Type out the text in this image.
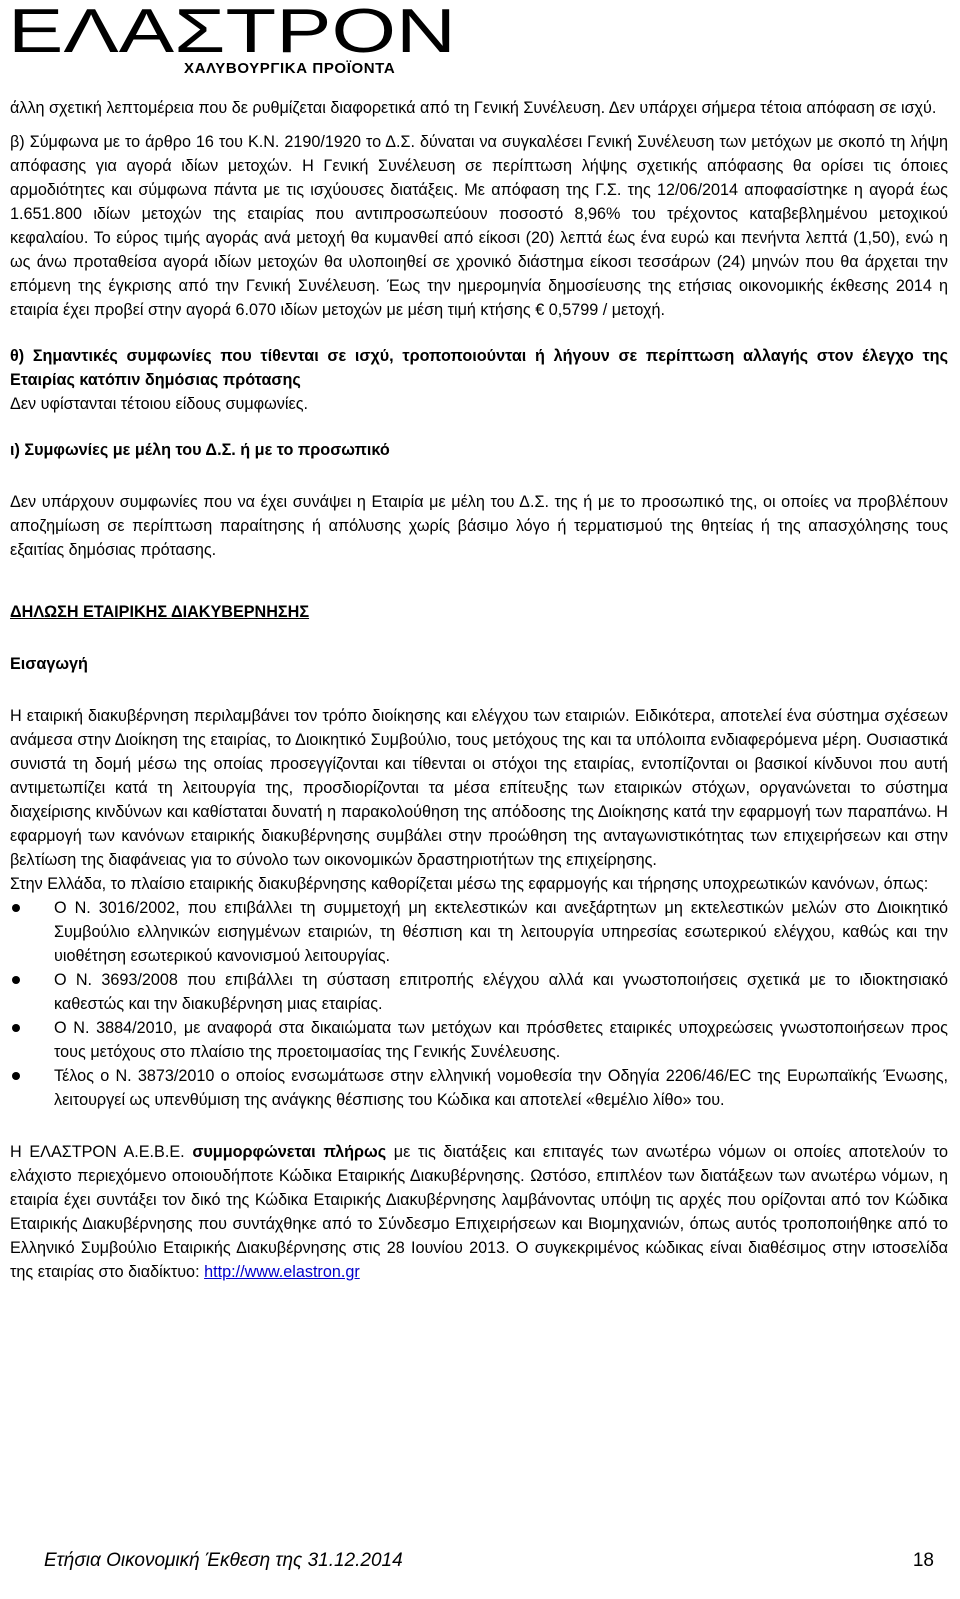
ΕΛΑΣΤΡΟΝ
ΧΑΛΥΒΟΥΡΓΙΚΑ ΠΡΟΪΟΝΤΑ

άλλη σχετική λεπτομέρεια που δε ρυθμίζεται διαφορετικά από τη Γενική Συνέλευση. Δεν υπάρχει σήμερα τέτοια απόφαση σε ισχύ.

β) Σύμφωνα με το άρθρο 16 του Κ.Ν. 2190/1920 το Δ.Σ. δύναται να συγκαλέσει Γενική Συνέλευση των μετόχων με σκοπό τη λήψη απόφασης για αγορά ιδίων μετοχών. Η Γενική Συνέλευση σε περίπτωση λήψης σχετικής απόφασης θα ορίσει τις όποιες αρμοδιότητες και σύμφωνα πάντα με τις ισχύουσες διατάξεις. Με απόφαση της Γ.Σ. της 12/06/2014 αποφασίστηκε η αγορά έως 1.651.800 ιδίων μετοχών της εταιρίας που αντιπροσωπεύουν ποσοστό 8,96% του τρέχοντος καταβεβλημένου μετοχικού κεφαλαίου. Το εύρος τιμής αγοράς ανά μετοχή θα κυμανθεί από είκοσι (20) λεπτά έως ένα ευρώ και πενήντα λεπτά (1,50), ενώ η ως άνω προταθείσα αγορά ιδίων μετοχών θα υλοποιηθεί σε χρονικό διάστημα είκοσι τεσσάρων (24) μηνών που θα άρχεται την επόμενη της έγκρισης από την Γενική Συνέλευση. Έως την ημερομηνία δημοσίευσης της ετήσιας οικονομικής έκθεσης 2014 η εταιρία έχει προβεί στην αγορά 6.070 ιδίων μετοχών με μέση τιμή κτήσης € 0,5799 / μετοχή.

θ) Σημαντικές συμφωνίες που τίθενται σε ισχύ, τροποποιούνται ή λήγουν σε περίπτωση αλλαγής στον έλεγχο της Εταιρίας κατόπιν δημόσιας πρότασης

Δεν υφίστανται τέτοιου είδους συμφωνίες.

ι) Συμφωνίες με μέλη του Δ.Σ. ή με το προσωπικό

Δεν υπάρχουν συμφωνίες που να έχει συνάψει η Εταιρία με μέλη του Δ.Σ. της ή με το προσωπικό της, οι οποίες να προβλέπουν αποζημίωση σε περίπτωση παραίτησης ή απόλυσης χωρίς βάσιμο λόγο ή τερματισμού της θητείας ή της απασχόλησης τους εξαιτίας δημόσιας πρότασης.

ΔΗΛΩΣΗ ΕΤΑΙΡΙΚΗΣ ΔΙΑΚΥΒΕΡΝΗΣΗΣ

Εισαγωγή

Η εταιρική διακυβέρνηση περιλαμβάνει τον τρόπο διοίκησης και ελέγχου των εταιριών. Ειδικότερα, αποτελεί ένα σύστημα σχέσεων ανάμεσα στην Διοίκηση της εταιρίας, το Διοικητικό Συμβούλιο, τους μετόχους της και τα υπόλοιπα ενδιαφερόμενα μέρη. Ουσιαστικά συνιστά τη δομή μέσω της οποίας προσεγγίζονται και τίθενται οι στόχοι της εταιρίας, εντοπίζονται οι βασικοί κίνδυνοι που αυτή αντιμετωπίζει κατά τη λειτουργία της, προσδιορίζονται τα μέσα επίτευξης των εταιρικών στόχων, οργανώνεται το σύστημα διαχείρισης κινδύνων και καθίσταται δυνατή η παρακολούθηση της απόδοσης της Διοίκησης κατά την εφαρμογή των παραπάνω. Η εφαρμογή των κανόνων εταιρικής διακυβέρνησης συμβάλει στην προώθηση της ανταγωνιστικότητας των επιχειρήσεων και στην βελτίωση της διαφάνειας για το σύνολο των οικονομικών δραστηριοτήτων της επιχείρησης.

Στην Ελλάδα, το πλαίσιο εταιρικής διακυβέρνησης καθορίζεται μέσω της εφαρμογής και τήρησης υποχρεωτικών κανόνων, όπως:

Ο Ν. 3016/2002, που επιβάλλει τη συμμετοχή μη εκτελεστικών και ανεξάρτητων μη εκτελεστικών μελών στο Διοικητικό Συμβούλιο ελληνικών εισηγμένων εταιριών, τη θέσπιση και τη λειτουργία υπηρεσίας εσωτερικού ελέγχου, καθώς και την υιοθέτηση εσωτερικού κανονισμού λειτουργίας.
Ο Ν. 3693/2008 που επιβάλλει τη σύσταση επιτροπής ελέγχου αλλά και γνωστοποιήσεις σχετικά με το ιδιοκτησιακό καθεστώς και την διακυβέρνηση μιας εταιρίας.
Ο Ν. 3884/2010, με αναφορά στα δικαιώματα των μετόχων και πρόσθετες εταιρικές υποχρεώσεις γνωστοποιήσεων προς τους μετόχους στο πλαίσιο της προετοιμασίας της Γενικής Συνέλευσης.
Τέλος ο Ν. 3873/2010 ο οποίος ενσωμάτωσε στην ελληνική νομοθεσία την Οδηγία 2206/46/ΕC της Ευρωπαϊκής Ένωσης, λειτουργεί ως υπενθύμιση της ανάγκης θέσπισης του Κώδικα και αποτελεί «θεμέλιο λίθο» του.

Η ΕΛΑΣΤΡΟΝ Α.Ε.Β.Ε. συμμορφώνεται πλήρως με τις διατάξεις και επιταγές των ανωτέρω νόμων οι οποίες αποτελούν το ελάχιστο περιεχόμενο οποιουδήποτε Κώδικα Εταιρικής Διακυβέρνησης. Ωστόσο, επιπλέον των διατάξεων των ανωτέρω νόμων, η εταιρία έχει συντάξει τον δικό της Κώδικα Εταιρικής Διακυβέρνησης λαμβάνοντας υπόψη τις αρχές που ορίζονται από τον Κώδικα Εταιρικής Διακυβέρνησης που συντάχθηκε από το Σύνδεσμο Επιχειρήσεων και Βιομηχανιών, όπως αυτός τροποποιήθηκε από το Ελληνικό Συμβούλιο Εταιρικής Διακυβέρνησης στις 28 Ιουνίου 2013. Ο συγκεκριμένος κώδικας είναι διαθέσιμος στην ιστοσελίδα της εταιρίας στο διαδίκτυο: http://www.elastron.gr

Ετήσια Οικονομική Έκθεση της 31.12.2014	18
